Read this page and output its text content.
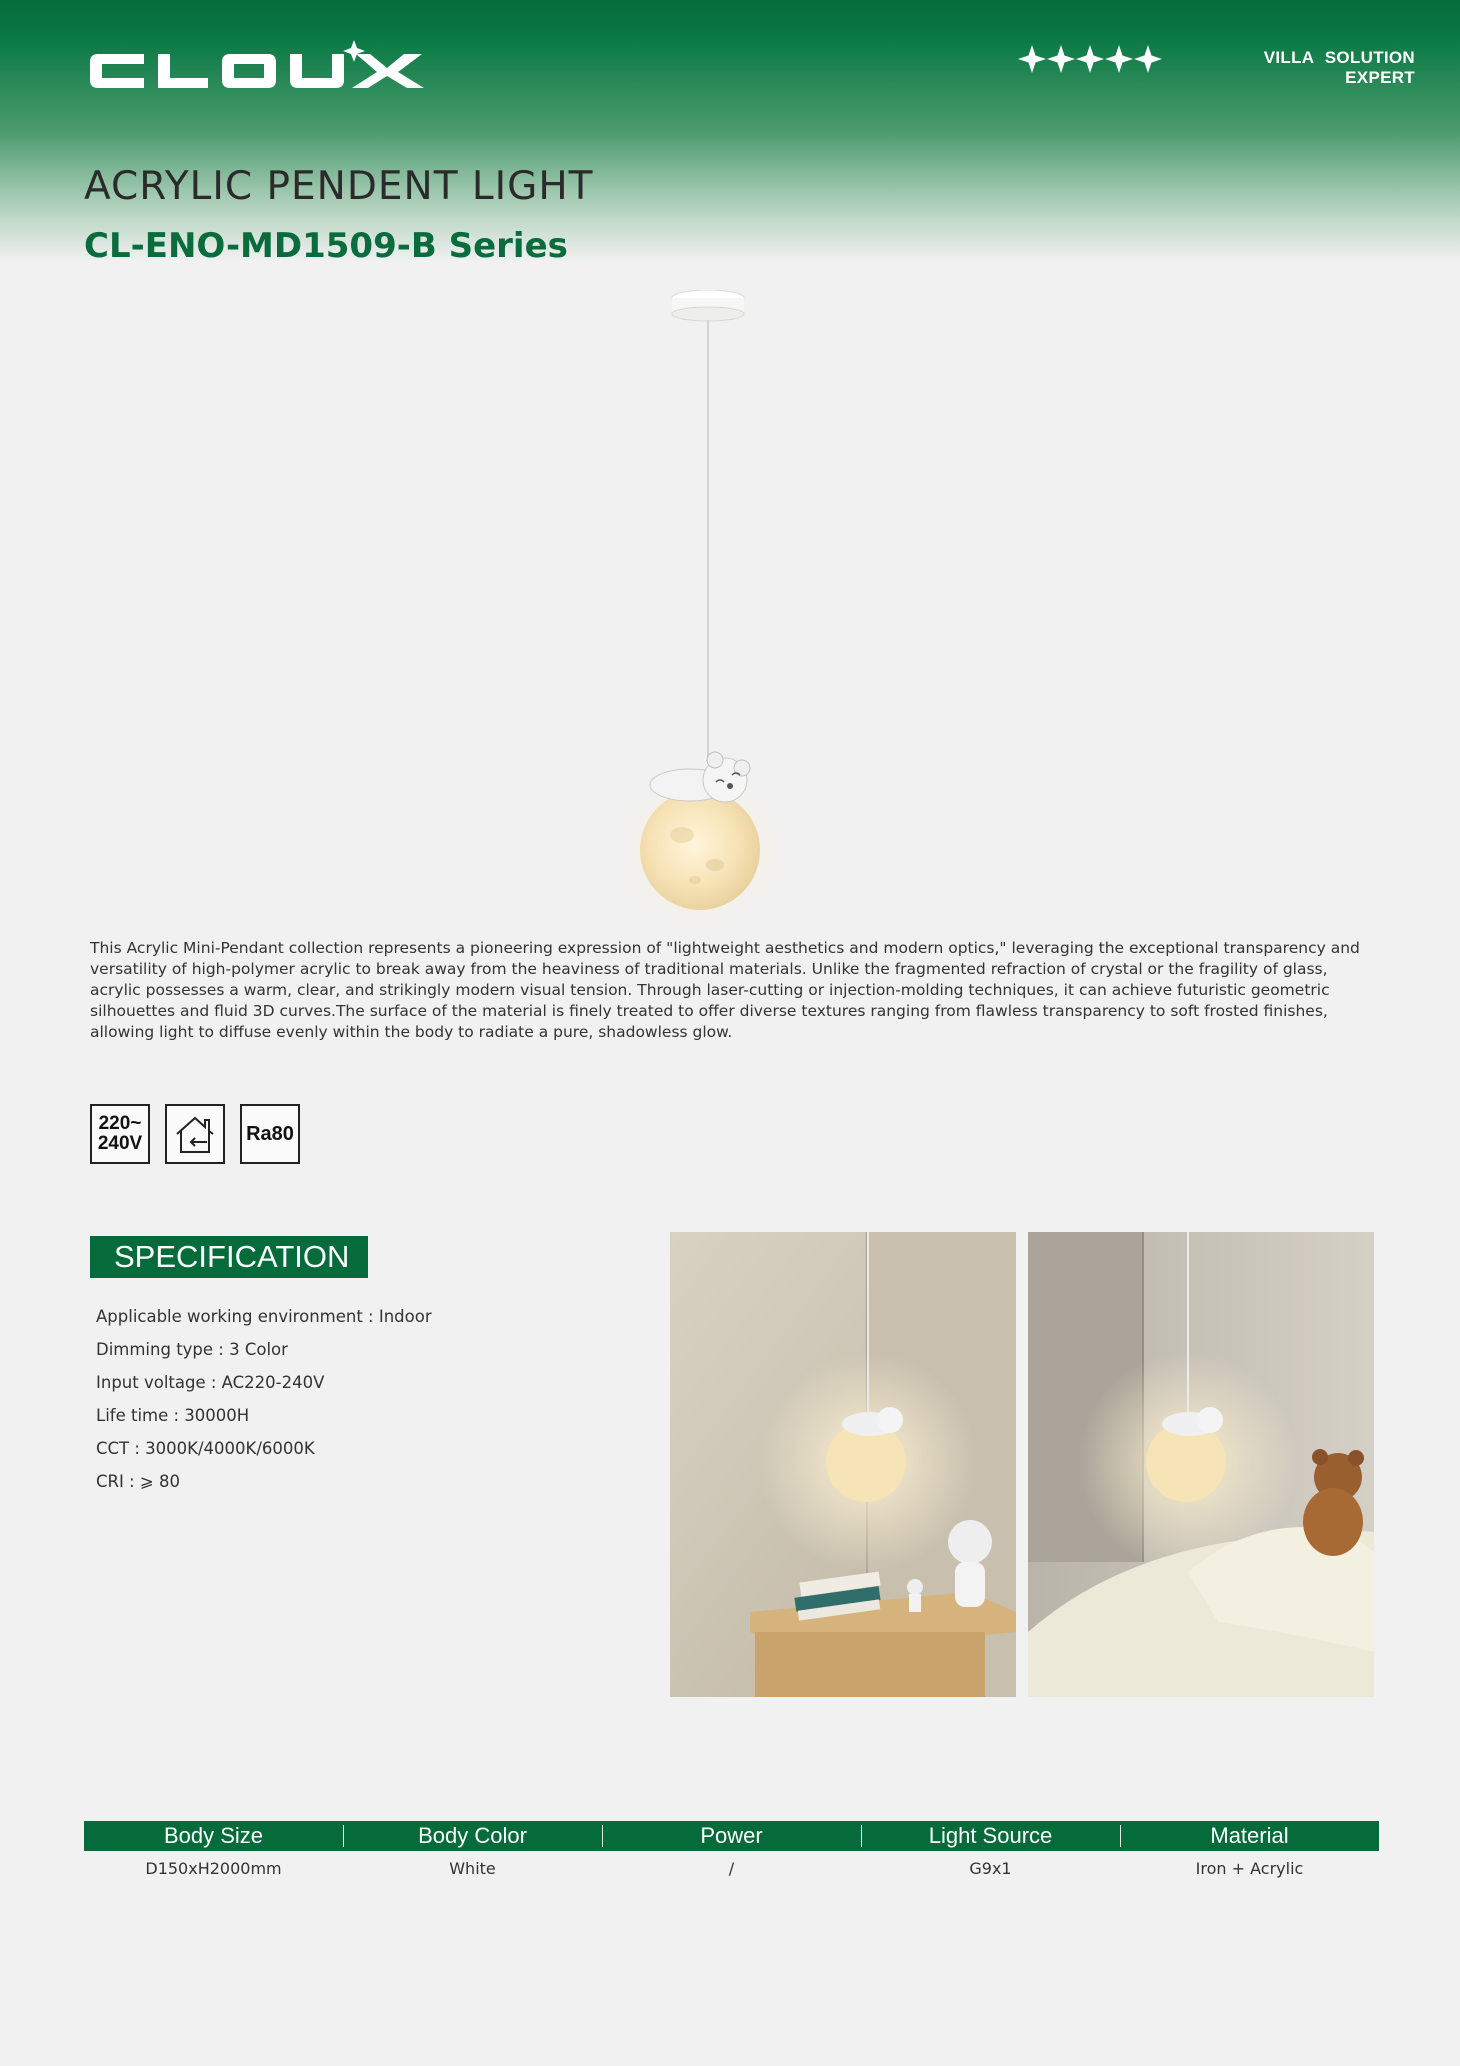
VILLA SOLUTION EXPERT
ACRYLIC PENDENT LIGHT
CL-ENO-MD1509-B Series

This Acrylic Mini-Pendant collection represents a pioneering expression of "lightweight aesthetics and modern optics," leveraging the exceptional transparency and versatility of high-polymer acrylic to break away from the heaviness of traditional materials. Unlike the fragmented refraction of crystal or the fragility of glass, acrylic possesses a warm, clear, and strikingly modern visual tension. Through laser-cutting or injection-molding techniques, it can achieve futuristic geometric silhouettes and fluid 3D curves.The surface of the material is finely treated to offer diverse textures ranging from flawless transparency to soft frosted finishes, allowing light to diffuse evenly within the body to radiate a pure, shadowless glow.

220~
240V	Ra80
SPECIFICATION
Applicable working environment : Indoor
Dimming type : 3 Color
Input voltage : AC220-240V
Life time : 30000H
CCT : 3000K/4000K/6000K
CRI : ⩾ 80
Body Size	Body Color	Power	Light Source	Material
D150xH2000mm	White	/	G9x1	Iron + Acrylic
